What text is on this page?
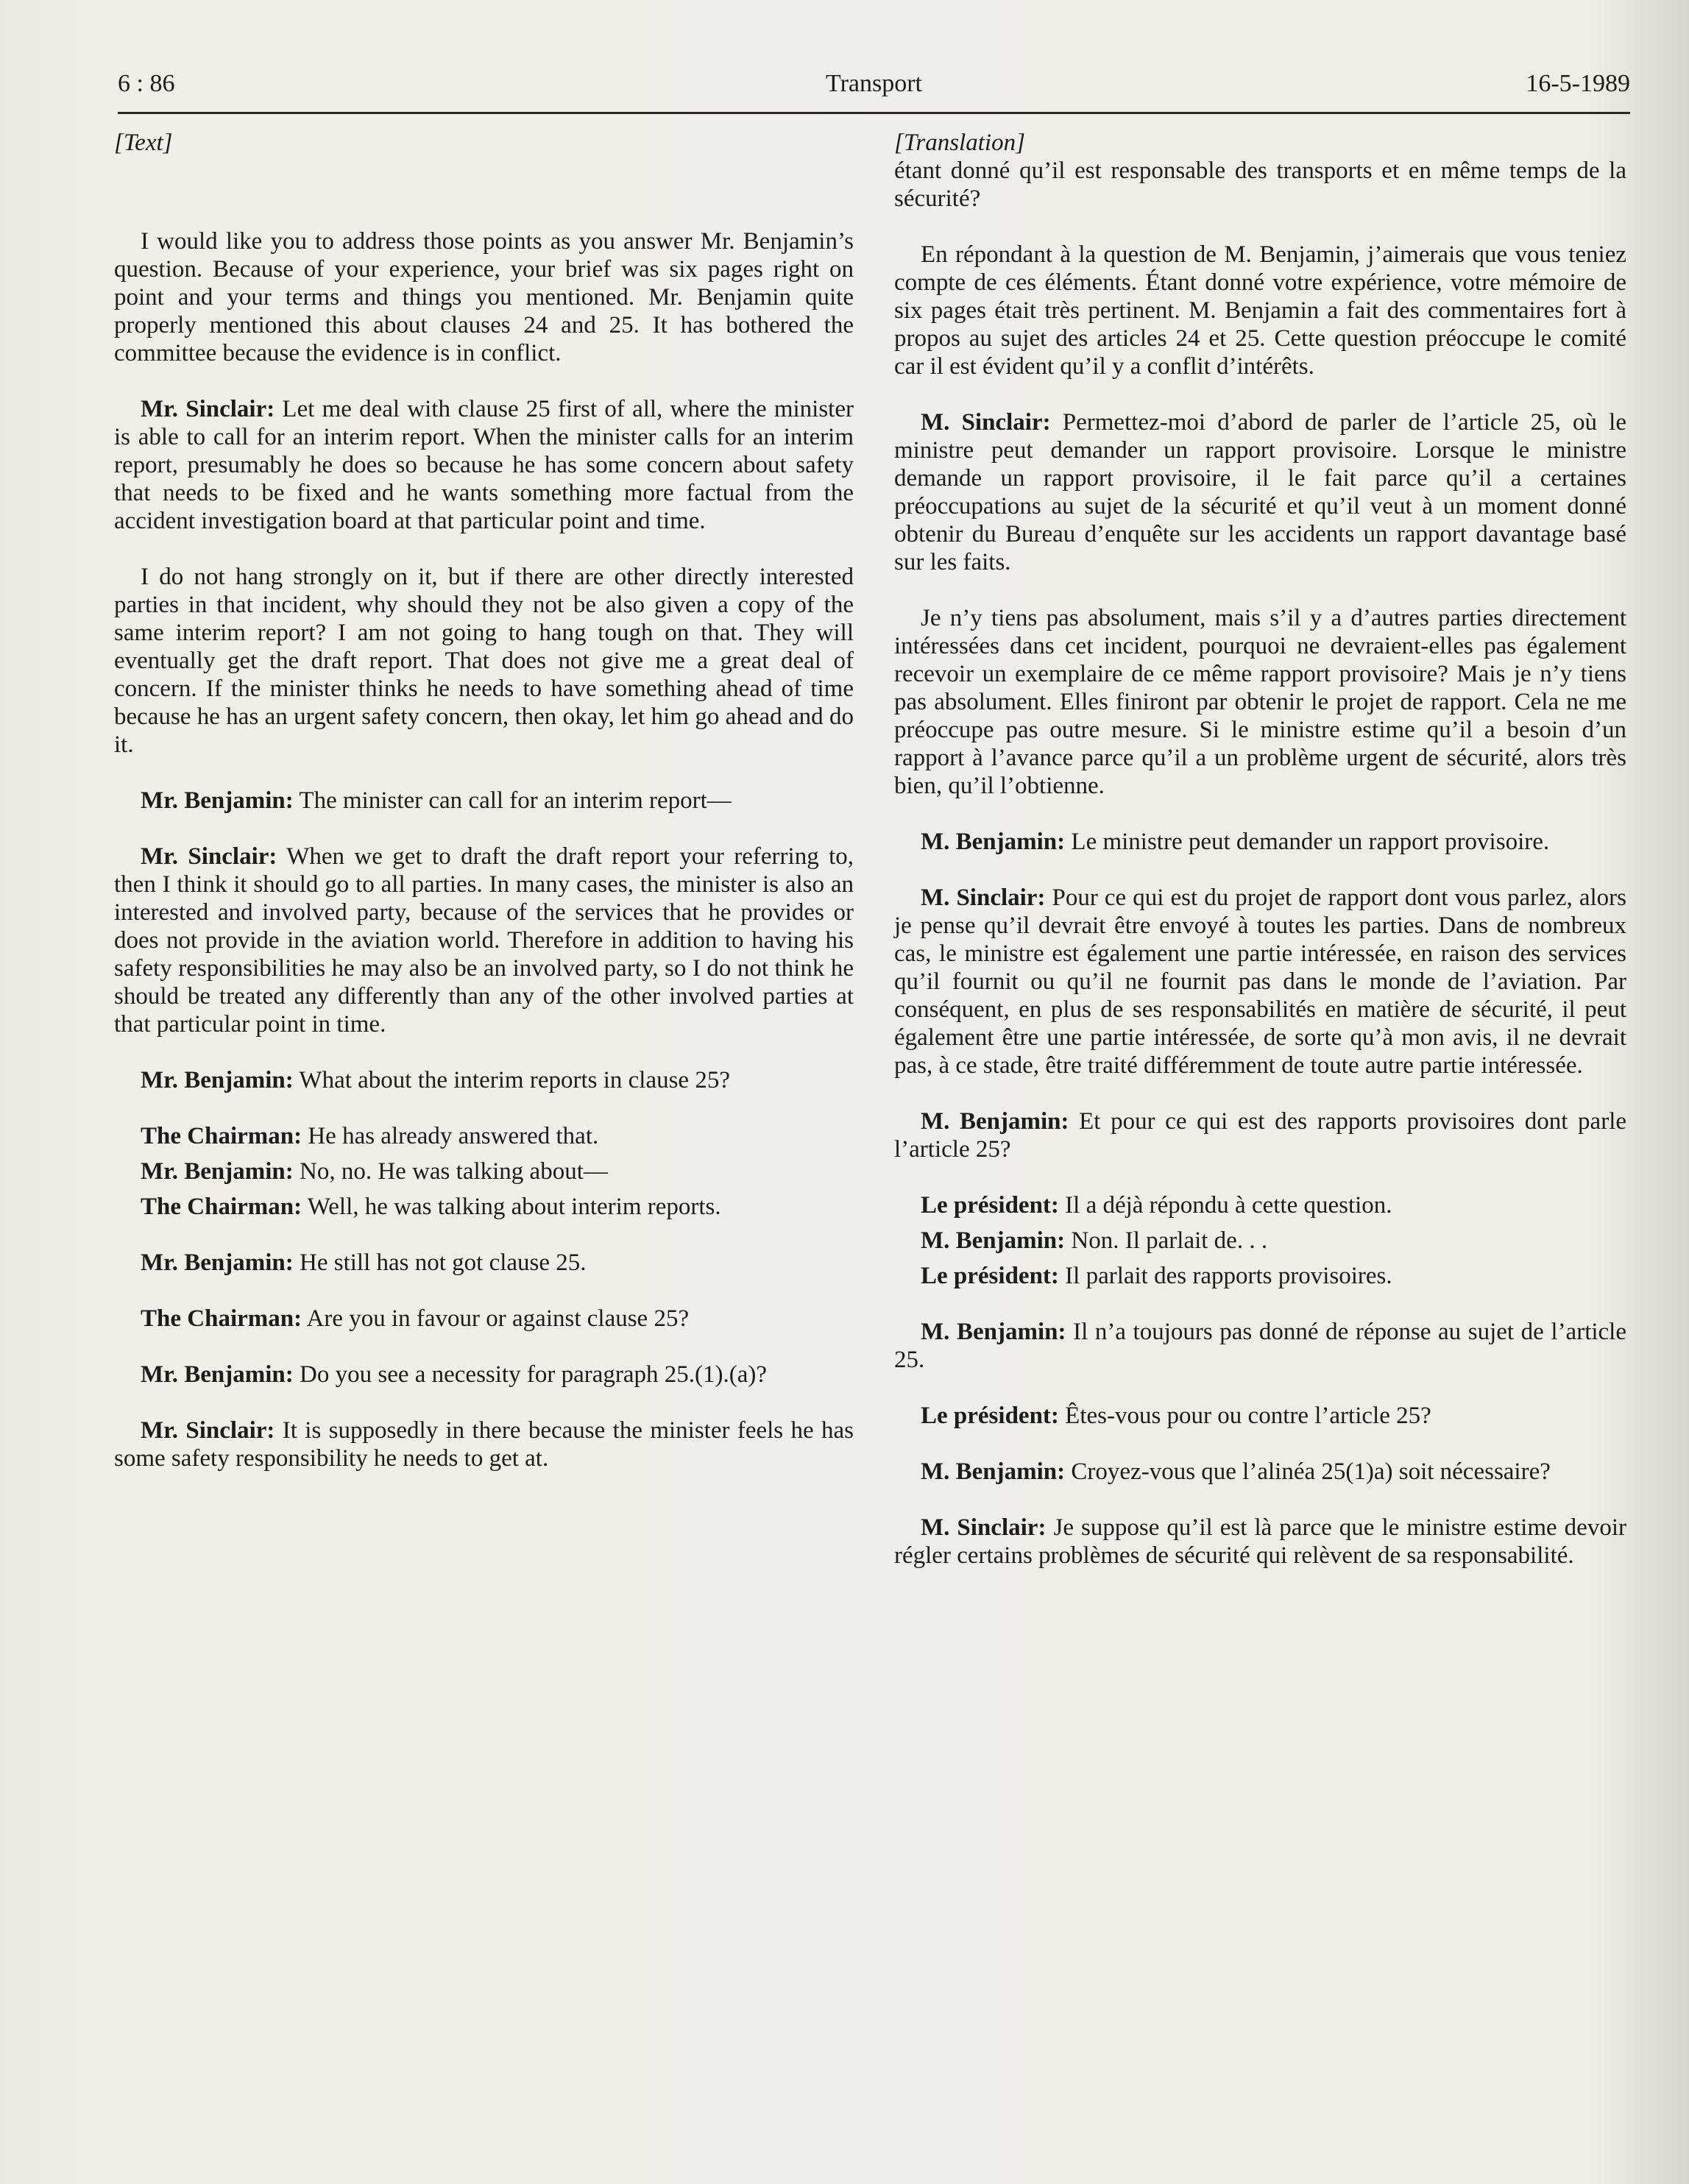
6 : 86	Transport	16-5-1989
[Text]

I would like you to address those points as you answer Mr. Benjamin’s question. Because of your experience, your brief was six pages right on point and your terms and things you mentioned. Mr. Benjamin quite properly mentioned this about clauses 24 and 25. It has bothered the committee because the evidence is in conflict.

Mr. Sinclair: Let me deal with clause 25 first of all, where the minister is able to call for an interim report. When the minister calls for an interim report, presumably he does so because he has some concern about safety that needs to be fixed and he wants something more factual from the accident investigation board at that particular point and time.

I do not hang strongly on it, but if there are other directly interested parties in that incident, why should they not be also given a copy of the same interim report? I am not going to hang tough on that. They will eventually get the draft report. That does not give me a great deal of concern. If the minister thinks he needs to have something ahead of time because he has an urgent safety concern, then okay, let him go ahead and do it.

Mr. Benjamin: The minister can call for an interim report—

Mr. Sinclair: When we get to draft the draft report your referring to, then I think it should go to all parties. In many cases, the minister is also an interested and involved party, because of the services that he provides or does not provide in the aviation world. Therefore in addition to having his safety responsibilities he may also be an involved party, so I do not think he should be treated any differently than any of the other involved parties at that particular point in time.

Mr. Benjamin: What about the interim reports in clause 25?

The Chairman: He has already answered that.

Mr. Benjamin: No, no. He was talking about—

The Chairman: Well, he was talking about interim reports.

Mr. Benjamin: He still has not got clause 25.

The Chairman: Are you in favour or against clause 25?

Mr. Benjamin: Do you see a necessity for paragraph 25.(1).(a)?

Mr. Sinclair: It is supposedly in there because the minister feels he has some safety responsibility he needs to get at.

[Translation]

étant donné qu’il est responsable des transports et en même temps de la sécurité?

En répondant à la question de M. Benjamin, j’aimerais que vous teniez compte de ces éléments. Étant donné votre expérience, votre mémoire de six pages était très pertinent. M. Benjamin a fait des commentaires fort à propos au sujet des articles 24 et 25. Cette question préoccupe le comité car il est évident qu’il y a conflit d’intérêts.

M. Sinclair: Permettez-moi d’abord de parler de l’article 25, où le ministre peut demander un rapport provisoire. Lorsque le ministre demande un rapport provisoire, il le fait parce qu’il a certaines préoccupations au sujet de la sécurité et qu’il veut à un moment donné obtenir du Bureau d’enquête sur les accidents un rapport davantage basé sur les faits.

Je n’y tiens pas absolument, mais s’il y a d’autres parties directement intéressées dans cet incident, pourquoi ne devraient-elles pas également recevoir un exemplaire de ce même rapport provisoire? Mais je n’y tiens pas absolument. Elles finiront par obtenir le projet de rapport. Cela ne me préoccupe pas outre mesure. Si le ministre estime qu’il a besoin d’un rapport à l’avance parce qu’il a un problème urgent de sécurité, alors très bien, qu’il l’obtienne.

M. Benjamin: Le ministre peut demander un rapport provisoire.

M. Sinclair: Pour ce qui est du projet de rapport dont vous parlez, alors je pense qu’il devrait être envoyé à toutes les parties. Dans de nombreux cas, le ministre est également une partie intéressée, en raison des services qu’il fournit ou qu’il ne fournit pas dans le monde de l’aviation. Par conséquent, en plus de ses responsabilités en matière de sécurité, il peut également être une partie intéressée, de sorte qu’à mon avis, il ne devrait pas, à ce stade, être traité différemment de toute autre partie intéressée.

M. Benjamin: Et pour ce qui est des rapports provisoires dont parle l’article 25?

Le président: Il a déjà répondu à cette question.

M. Benjamin: Non. Il parlait de. . .

Le président: Il parlait des rapports provisoires.

M. Benjamin: Il n’a toujours pas donné de réponse au sujet de l’article 25.

Le président: Êtes-vous pour ou contre l’article 25?

M. Benjamin: Croyez-vous que l’alinéa 25(1)a) soit nécessaire?

M. Sinclair: Je suppose qu’il est là parce que le ministre estime devoir régler certains problèmes de sécurité qui relèvent de sa responsabilité.
